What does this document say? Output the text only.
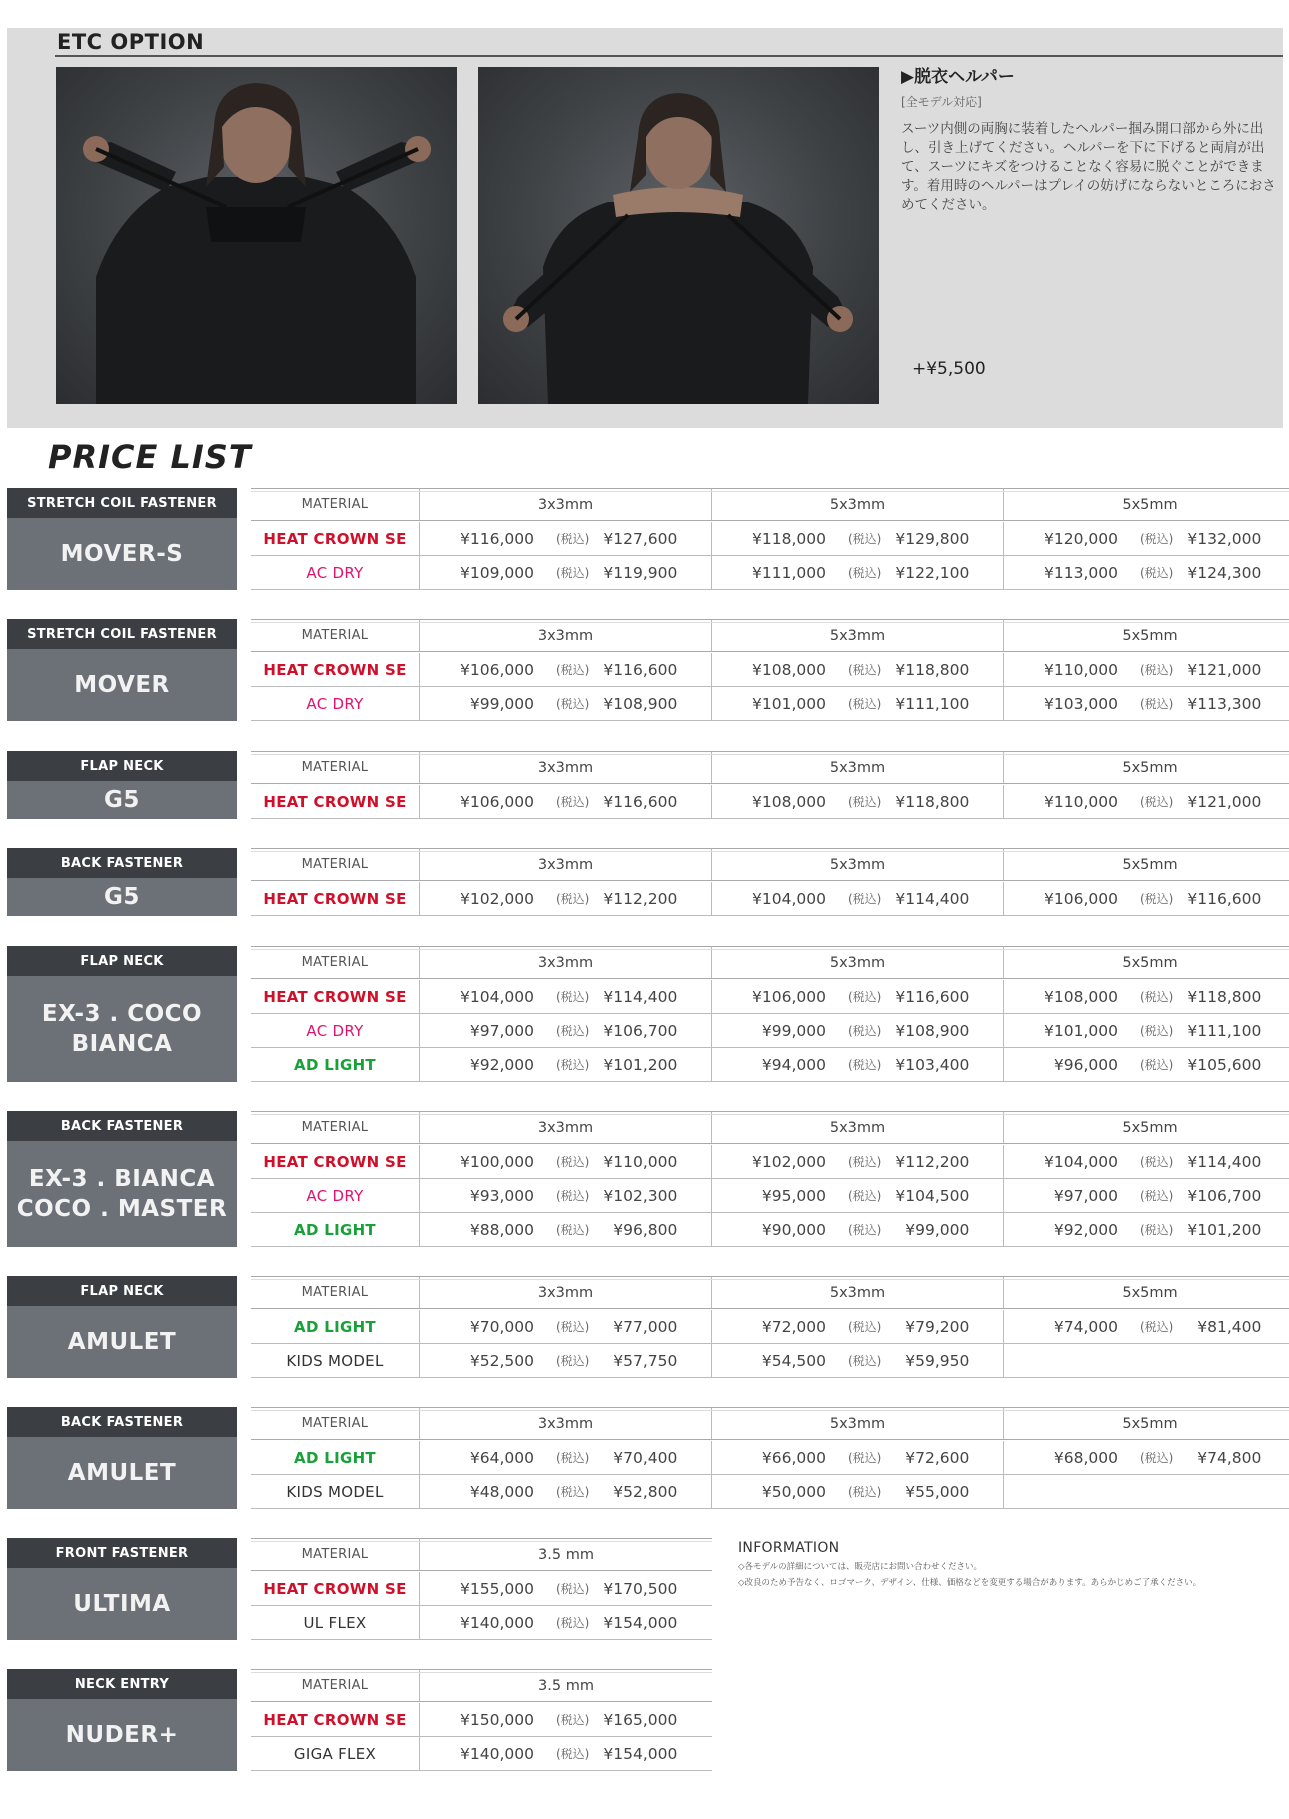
ETC OPTION
▶脱衣ヘルパー
[全モデル対応]
スーツ内側の両胸に装着したヘルパー掴み開口部から外に出し、引き上げてください。ヘルパーを下に下げると両肩が出て、スーツにキズをつけることなく容易に脱ぐことができます。着用時のヘルパーはプレイの妨げにならないところにおさめてください。
+¥5,500
PRICE LIST
STRETCH COIL FASTENER
MOVER-S
MATERIAL	3x3mm	5x3mm	5x5mm
HEAT CROWN SE	¥116,000 (税込) ¥127,600	¥118,000 (税込) ¥129,800	¥120,000 (税込) ¥132,000
AC DRY	¥109,000 (税込) ¥119,900	¥111,000 (税込) ¥122,100	¥113,000 (税込) ¥124,300
STRETCH COIL FASTENER
MOVER
MATERIAL	3x3mm	5x3mm	5x5mm
HEAT CROWN SE	¥106,000 (税込) ¥116,600	¥108,000 (税込) ¥118,800	¥110,000 (税込) ¥121,000
AC DRY	¥99,000 (税込) ¥108,900	¥101,000 (税込) ¥111,100	¥103,000 (税込) ¥113,300
FLAP NECK
G5
MATERIAL	3x3mm	5x3mm	5x5mm
HEAT CROWN SE	¥106,000 (税込) ¥116,600	¥108,000 (税込) ¥118,800	¥110,000 (税込) ¥121,000
BACK FASTENER
G5
MATERIAL	3x3mm	5x3mm	5x5mm
HEAT CROWN SE	¥102,000 (税込) ¥112,200	¥104,000 (税込) ¥114,400	¥106,000 (税込) ¥116,600
FLAP NECK
EX-3 . COCO
BIANCA
MATERIAL	3x3mm	5x3mm	5x5mm
HEAT CROWN SE	¥104,000 (税込) ¥114,400	¥106,000 (税込) ¥116,600	¥108,000 (税込) ¥118,800
AC DRY	¥97,000 (税込) ¥106,700	¥99,000 (税込) ¥108,900	¥101,000 (税込) ¥111,100
AD LIGHT	¥92,000 (税込) ¥101,200	¥94,000 (税込) ¥103,400	¥96,000 (税込) ¥105,600
BACK FASTENER
EX-3 . BIANCA
COCO . MASTER
MATERIAL	3x3mm	5x3mm	5x5mm
HEAT CROWN SE	¥100,000 (税込) ¥110,000	¥102,000 (税込) ¥112,200	¥104,000 (税込) ¥114,400
AC DRY	¥93,000 (税込) ¥102,300	¥95,000 (税込) ¥104,500	¥97,000 (税込) ¥106,700
AD LIGHT	¥88,000 (税込)	¥96,800	¥90,000 (税込)	¥99,000	¥92,000 (税込) ¥101,200
FLAP NECK
AMULET
MATERIAL	3x3mm	5x3mm	5x5mm
AD LIGHT	¥70,000 (税込)	¥77,000	¥72,000 (税込)	¥79,200	¥74,000 (税込)	¥81,400
KIDS MODEL	¥52,500 (税込)	¥57,750	¥54,500 (税込)	¥59,950
BACK FASTENER
AMULET
MATERIAL	3x3mm	5x3mm	5x5mm
AD LIGHT	¥64,000 (税込)	¥70,400	¥66,000 (税込)	¥72,600	¥68,000 (税込)	¥74,800
KIDS MODEL	¥48,000 (税込)	¥52,800	¥50,000 (税込)	¥55,000
FRONT FASTENER
ULTIMA
MATERIAL	3.5 mm
HEAT CROWN SE	¥155,000 (税込) ¥170,500
UL FLEX	¥140,000 (税込) ¥154,000
NECK ENTRY
NUDER+
MATERIAL	3.5 mm
HEAT CROWN SE	¥150,000 (税込) ¥165,000
GIGA FLEX	¥140,000 (税込) ¥154,000
INFORMATION
◇各モデルの詳細については、販売店にお問い合わせください。
◇改良のため予告なく、ロゴマーク、デザイン、仕様、価格などを変更する場合があります。あらかじめご了承ください。
